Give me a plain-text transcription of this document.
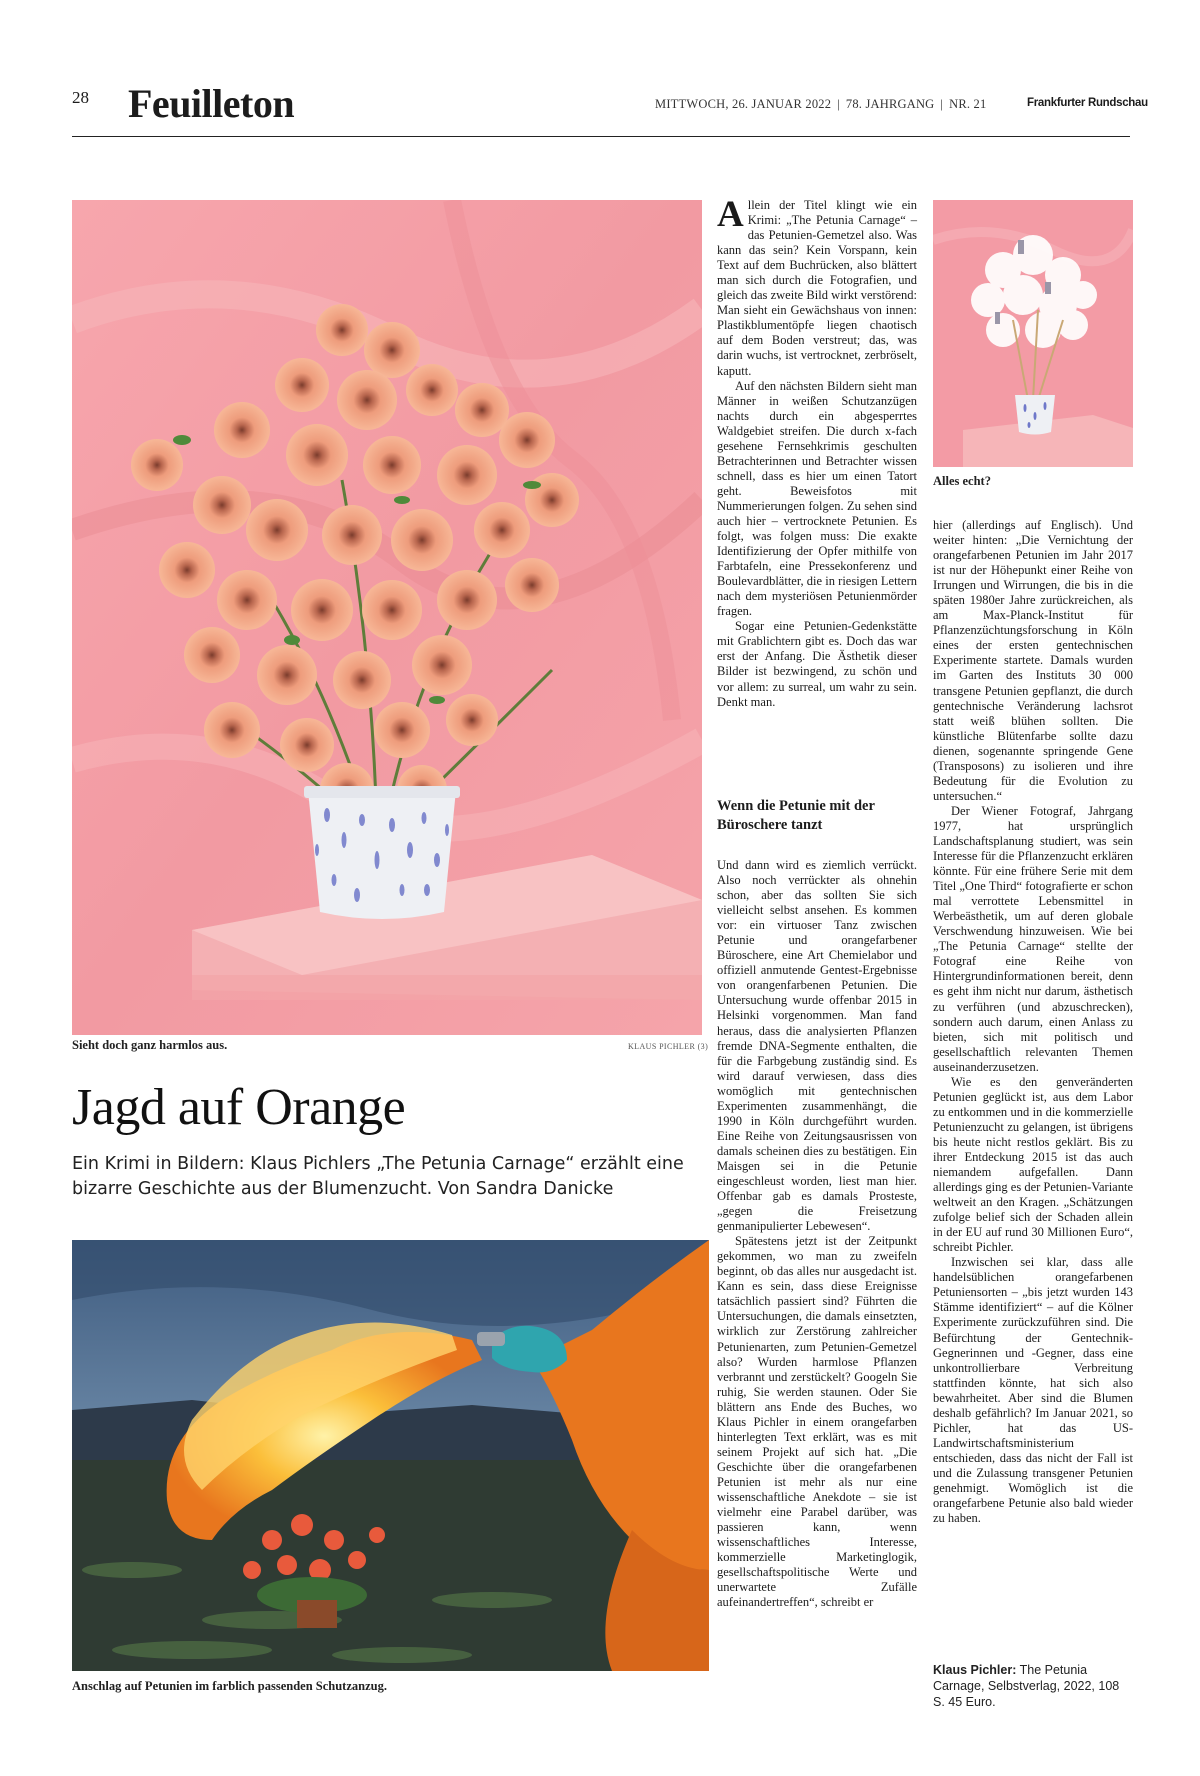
28 Feuilleton	MITTWOCH, 26. JANUAR 2022 | 78. JAHRGANG | NR. 21	Frankfurter Rundschau
Sieht doch ganz harmlos aus.	KLAUS PICHLER (3)
Jagd auf Orange
Ein Krimi in Bildern: Klaus Pichlers „The Petunia Carnage“ erzählt eine bizarre Geschichte aus der Blumenzucht. Von Sandra Danicke
Anschlag auf Petunien im farblich passenden Schutzanzug.
Alles echt?

Allein der Titel klingt wie ein Krimi: „The Petunia Carnage“ – das Petunien-Gemetzel also. Was kann das sein? Kein Vorspann, kein Text auf dem Buchrücken, also blättert man sich durch die Fotografien, und gleich das zweite Bild wirkt verstörend: Man sieht ein Gewächshaus von innen: Plastikblumentöpfe liegen chaotisch auf dem Boden verstreut; das, was darin wuchs, ist vertrocknet, zerbröselt, kaputt.

Auf den nächsten Bildern sieht man Männer in weißen Schutzanzügen nachts durch ein abgesperrtes Waldgebiet streifen. Die durch x-fach gesehene Fernsehkrimis geschulten Betrachterinnen und Betrachter wissen schnell, dass es hier um einen Tatort geht. Beweisfotos mit Nummerierungen folgen. Zu sehen sind auch hier – vertrocknete Petunien. Es folgt, was folgen muss: Die exakte Identifizierung der Opfer mithilfe von Farbtafeln, eine Pressekonferenz und Boulevardblätter, die in riesigen Lettern nach dem mysteriösen Petunienmörder fragen.

Sogar eine Petunien-Gedenkstätte mit Grablichtern gibt es. Doch das war erst der Anfang. Die Ästhetik dieser Bilder ist bezwingend, zu schön und vor allem: zu surreal, um wahr zu sein. Denkt man.

Wenn die Petunie mit der Büroschere tanzt

Und dann wird es ziemlich verrückt. Also noch verrückter als ohnehin schon, aber das sollten Sie sich vielleicht selbst ansehen. Es kommen vor: ein virtuoser Tanz zwischen Petunie und orangefarbener Büroschere, eine Art Chemielabor und offiziell anmutende Gentest-Ergebnisse von orangenfarbenen Petunien. Die Untersuchung wurde offenbar 2015 in Helsinki vorgenommen. Man fand heraus, dass die analysierten Pflanzen fremde DNA-Segmente enthalten, die für die Farbgebung zuständig sind. Es wird darauf verwiesen, dass dies womöglich mit gentechnischen Experimenten zusammenhängt, die 1990 in Köln durchgeführt wurden. Eine Reihe von Zeitungsausrissen von damals scheinen dies zu bestätigen. Ein Maisgen sei in die Petunie eingeschleust worden, liest man hier. Offenbar gab es damals Prosteste, „gegen die Freisetzung genmanipulierter Lebewesen“.

Spätestens jetzt ist der Zeitpunkt gekommen, wo man zu zweifeln beginnt, ob das alles nur ausgedacht ist. Kann es sein, dass diese Ereignisse tatsächlich passiert sind? Führten die Untersuchungen, die damals einsetzten, wirklich zur Zerstörung zahlreicher Petunienarten, zum Petunien-Gemetzel also? Wurden harmlose Pflanzen verbrannt und zerstückelt? Googeln Sie ruhig, Sie werden staunen. Oder Sie blättern ans Ende des Buches, wo Klaus Pichler in einem orangefarben hinterlegten Text erklärt, was es mit seinem Projekt auf sich hat. „Die Geschichte über die orangefarbenen Petunien ist mehr als nur eine wissenschaftliche Anekdote – sie ist vielmehr eine Parabel darüber, was passieren kann, wenn wissenschaftliches Interesse, kommerzielle Marketinglogik, gesellschaftspolitische Werte und unerwartete Zufälle aufeinandertreffen“, schreibt er

hier (allerdings auf Englisch). Und weiter hinten: „Die Vernichtung der orangefarbenen Petunien im Jahr 2017 ist nur der Höhepunkt einer Reihe von Irrungen und Wirrungen, die bis in die späten 1980er Jahre zurückreichen, als am Max-Planck-Institut für Pflanzenzüchtungsforschung in Köln eines der ersten gentechnischen Experimente startete. Damals wurden im Garten des Instituts 30 000 transgene Petunien gepflanzt, die durch gentechnische Veränderung lachsrot statt weiß blühen sollten. Die künstliche Blütenfarbe sollte dazu dienen, sogenannte springende Gene (Transposons) zu isolieren und ihre Bedeutung für die Evolution zu untersuchen.“

Der Wiener Fotograf, Jahrgang 1977, hat ursprünglich Landschaftsplanung studiert, was sein Interesse für die Pflanzenzucht erklären könnte. Für eine frühere Serie mit dem Titel „One Third“ fotografierte er schon mal verrottete Lebensmittel in Werbeästhetik, um auf deren globale Verschwendung hinzuweisen. Wie bei „The Petunia Carnage“ stellte der Fotograf eine Reihe von Hintergrundinformationen bereit, denn es geht ihm nicht nur darum, ästhetisch zu verführen (und abzuschrecken), sondern auch darum, einen Anlass zu bieten, sich mit politisch und gesellschaftlich relevanten Themen auseinanderzusetzen.

Wie es den genveränderten Petunien geglückt ist, aus dem Labor zu entkommen und in die kommerzielle Petunienzucht zu gelangen, ist übrigens bis heute nicht restlos geklärt. Bis zu ihrer Entdeckung 2015 ist das auch niemandem aufgefallen. Dann allerdings ging es der Petunien-Variante weltweit an den Kragen. „Schätzungen zufolge belief sich der Schaden allein in der EU auf rund 30 Millionen Euro“, schreibt Pichler.

Inzwischen sei klar, dass alle handelsüblichen orangefarbenen Petuniensorten – „bis jetzt wurden 143 Stämme identifiziert“ – auf die Kölner Experimente zurückzuführen sind. Die Befürchtung der Gentechnik-Gegnerinnen und -Gegner, dass eine unkontrollierbare Verbreitung stattfinden könnte, hat sich also bewahrheitet. Aber sind die Blumen deshalb gefährlich? Im Januar 2021, so Pichler, hat das US-Landwirtschaftsministerium entschieden, dass das nicht der Fall ist und die Zulassung transgener Petunien genehmigt. Womöglich ist die orangefarbene Petunie also bald wieder zu haben.

Klaus Pichler: The Petunia Carnage, Selbstverlag, 2022, 108 S. 45 Euro.
